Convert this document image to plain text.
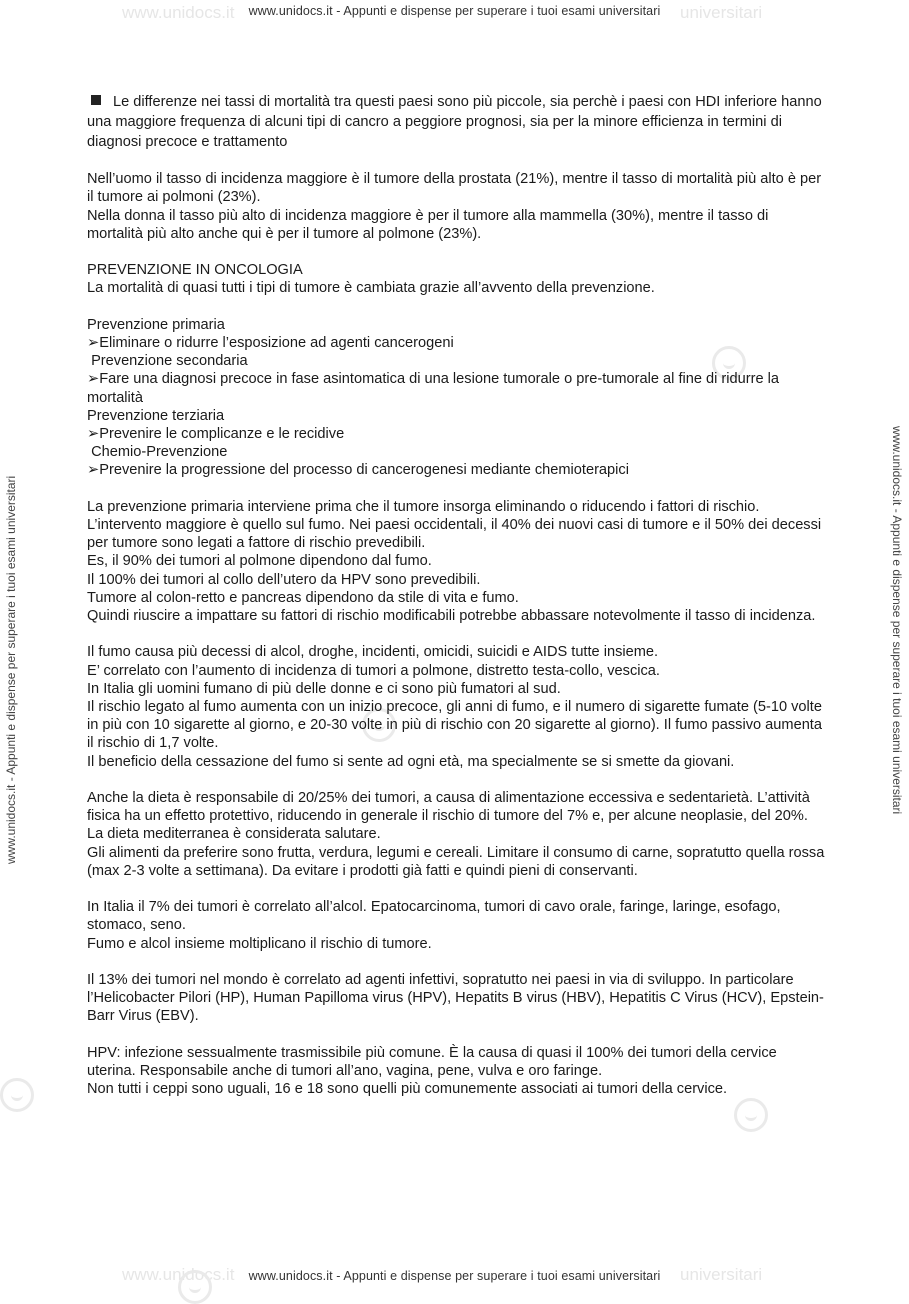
www.unidocs.it	universitari
www.unidocs.it	universitari
www.unidocs.it - Appunti e dispense per superare i tuoi esami universitari
www.unidocs.it - Appunti e dispense per superare i tuoi esami universitari
www.unidocs.it - Appunti e dispense per superare i tuoi esami universitari	www.unidocs.it - Appunti e dispense per superare i tuoi esami universitari

Le differenze nei tassi di mortalità tra questi paesi sono più piccole, sia perchè i paesi con HDI inferiore hanno una maggiore frequenza di alcuni tipi di cancro a peggiore prognosi, sia per la minore efficienza in termini di diagnosi precoce e trattamento

Nell’uomo il tasso di incidenza maggiore è il tumore della prostata (21%), mentre il tasso di mortalità più alto è per il tumore ai polmoni (23%).

Nella donna il tasso più alto di incidenza maggiore è per il tumore alla mammella (30%), mentre il tasso di mortalità più alto anche qui è per il tumore al polmone (23%).

PREVENZIONE IN ONCOLOGIA

La mortalità di quasi tutti i tipi di tumore è cambiata grazie all’avvento della prevenzione.

Prevenzione primaria

➢Eliminare o ridurre l’esposizione ad agenti cancerogeni

Prevenzione secondaria

➢Fare una diagnosi precoce in fase asintomatica di una lesione tumorale o pre-tumorale al fine di ridurre la mortalità

Prevenzione terziaria

➢Prevenire le complicanze e le recidive

Chemio-Prevenzione

➢Prevenire la progressione del processo di cancerogenesi mediante chemioterapici

La prevenzione primaria interviene prima che il tumore insorga eliminando o riducendo i fattori di rischio. L’intervento maggiore è quello sul fumo. Nei paesi occidentali, il 40% dei nuovi casi di tumore e il 50% dei decessi per tumore sono legati a fattore di rischio prevedibili.

Es, il 90% dei tumori al polmone dipendono dal fumo.

Il 100% dei tumori al collo dell’utero da HPV sono prevedibili.

Tumore al colon-retto e pancreas dipendono da stile di vita e fumo.

Quindi riuscire a impattare su fattori di rischio modificabili potrebbe abbassare notevolmente il tasso di incidenza.

Il fumo causa più decessi di alcol, droghe, incidenti, omicidi, suicidi e AIDS tutte insieme.

E’ correlato con l’aumento di incidenza di tumori a polmone, distretto testa-collo, vescica.

In Italia gli uomini fumano di più delle donne e ci sono più fumatori al sud.

Il rischio legato al fumo aumenta con un inizio precoce, gli anni di fumo, e il numero di sigarette fumate (5-10 volte in più con 10 sigarette al giorno, e 20-30 volte in più di rischio con 20 sigarette al giorno). Il fumo passivo aumenta il rischio di 1,7 volte.

Il beneficio della cessazione del fumo si sente ad ogni età, ma specialmente se si smette da giovani.

Anche la dieta è responsabile di 20/25% dei tumori, a causa di alimentazione eccessiva e sedentarietà. L’attività fisica ha un effetto protettivo, riducendo in generale il rischio di tumore del 7% e, per alcune neoplasie, del 20%.

La dieta mediterranea è considerata salutare.

Gli alimenti da preferire sono frutta, verdura, legumi e cereali. Limitare il consumo di carne, sopratutto quella rossa (max 2-3 volte a settimana). Da evitare i prodotti già fatti e quindi pieni di conservanti.

In Italia il 7% dei tumori è correlato all’alcol. Epatocarcinoma, tumori di cavo orale, faringe, laringe, esofago, stomaco, seno.

Fumo e alcol insieme moltiplicano il rischio di tumore.

Il 13% dei tumori nel mondo è correlato ad agenti infettivi, sopratutto nei paesi in via di sviluppo. In particolare l’Helicobacter Pilori (HP), Human Papilloma virus (HPV), Hepatits B virus (HBV), Hepatitis C Virus (HCV), Epstein-Barr Virus (EBV).

HPV: infezione sessualmente trasmissibile più comune. È la causa di quasi il 100% dei tumori della cervice uterina. Responsabile anche di tumori all’ano, vagina, pene, vulva e oro faringe.

Non tutti i ceppi sono uguali, 16 e 18 sono quelli più comunemente associati ai tumori della cervice.
